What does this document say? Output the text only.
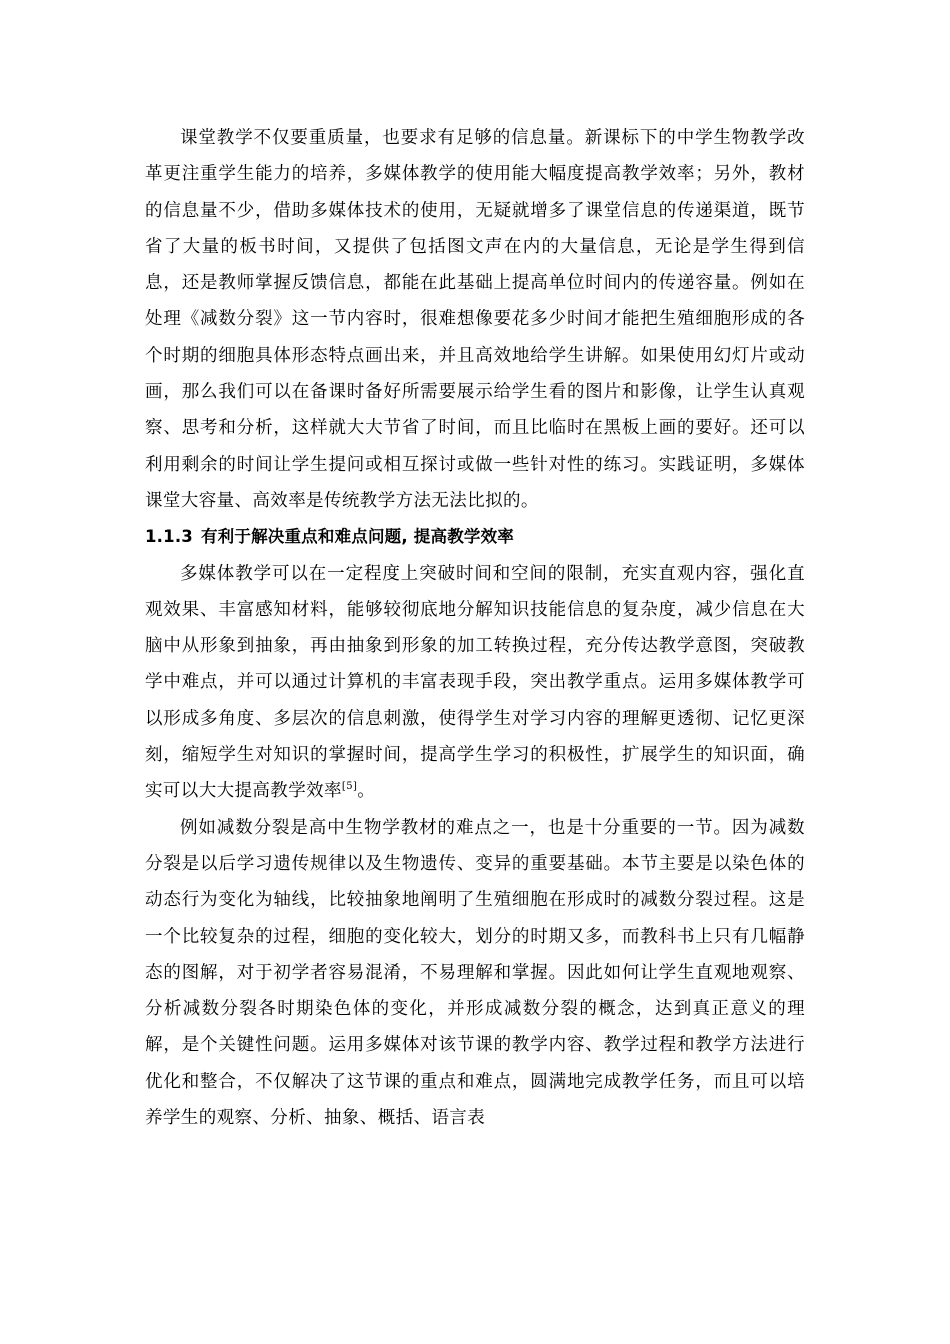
课堂教学不仅要重质量，也要求有足够的信息量。新课标下的中学生物教学改革更注重学生能力的培养，多媒体教学的使用能大幅度提高教学效率；另外，教材的信息量不少，借助多媒体技术的使用，无疑就增多了课堂信息的传递渠道，既节省了大量的板书时间，又提供了包括图文声在内的大量信息，无论是学生得到信息，还是教师掌握反馈信息，都能在此基础上提高单位时间内的传递容量。例如在处理《减数分裂》这一节内容时，很难想像要花多少时间才能把生殖细胞形成的各个时期的细胞具体形态特点画出来，并且高效地给学生讲解。如果使用幻灯片或动画，那么我们可以在备课时备好所需要展示给学生看的图片和影像，让学生认真观察、思考和分析，这样就大大节省了时间，而且比临时在黑板上画的要好。还可以利用剩余的时间让学生提问或相互探讨或做一些针对性的练习。实践证明，多媒体课堂大容量、高效率是传统教学方法无法比拟的。

1.1.3 有利于解决重点和难点问题, 提高教学效率

多媒体教学可以在一定程度上突破时间和空间的限制，充实直观内容，强化直观效果、丰富感知材料，能够较彻底地分解知识技能信息的复杂度，减少信息在大脑中从形象到抽象，再由抽象到形象的加工转换过程，充分传达教学意图，突破教学中难点，并可以通过计算机的丰富表现手段，突出教学重点。运用多媒体教学可以形成多角度、多层次的信息刺激，使得学生对学习内容的理解更透彻、记忆更深刻，缩短学生对知识的掌握时间，提高学生学习的积极性，扩展学生的知识面，确实可以大大提高教学效率[5]。

例如减数分裂是高中生物学教材的难点之一，也是十分重要的一节。因为减数分裂是以后学习遗传规律以及生物遗传、变异的重要基础。本节主要是以染色体的动态行为变化为轴线，比较抽象地阐明了生殖细胞在形成时的减数分裂过程。这是一个比较复杂的过程，细胞的变化较大，划分的时期又多，而教科书上只有几幅静态的图解，对于初学者容易混淆，不易理解和掌握。因此如何让学生直观地观察、分析减数分裂各时期染色体的变化，并形成减数分裂的概念，达到真正意义的理解，是个关键性问题。运用多媒体对该节课的教学内容、教学过程和教学方法进行优化和整合，不仅解决了这节课的重点和难点，圆满地完成教学任务，而且可以培养学生的观察、分析、抽象、概括、语言表
